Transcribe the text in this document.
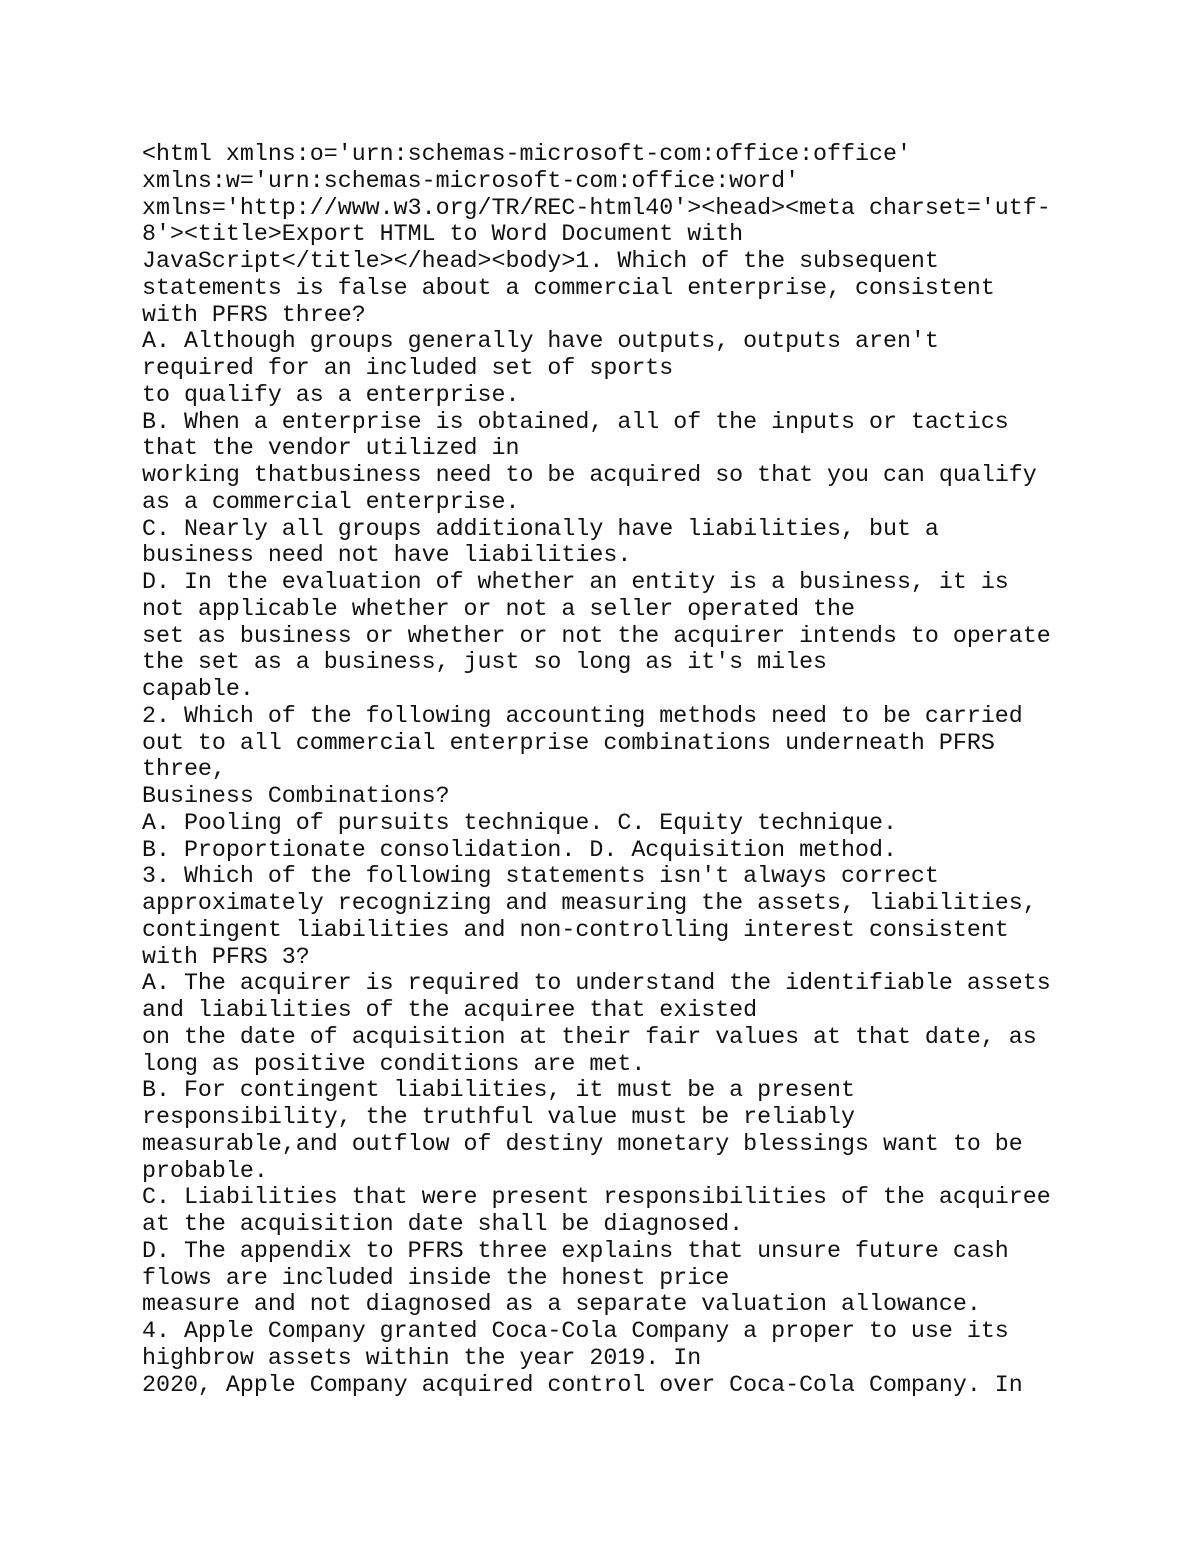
<html xmlns:o='urn:schemas-microsoft-com:office:office'
xmlns:w='urn:schemas-microsoft-com:office:word'
xmlns='http://www.w3.org/TR/REC-html40'><head><meta charset='utf-
8'><title>Export HTML to Word Document with
JavaScript</title></head><body>1. Which of the subsequent
statements is false about a commercial enterprise, consistent
with PFRS three?
A. Although groups generally have outputs, outputs aren't
required for an included set of sports
to qualify as a enterprise.
B. When a enterprise is obtained, all of the inputs or tactics
that the vendor utilized in
working thatbusiness need to be acquired so that you can qualify
as a commercial enterprise.
C. Nearly all groups additionally have liabilities, but a
business need not have liabilities.
D. In the evaluation of whether an entity is a business, it is
not applicable whether or not a seller operated the
set as business or whether or not the acquirer intends to operate
the set as a business, just so long as it's miles
capable.
2. Which of the following accounting methods need to be carried
out to all commercial enterprise combinations underneath PFRS
three,
Business Combinations?
A. Pooling of pursuits technique. C. Equity technique.
B. Proportionate consolidation. D. Acquisition method.
3. Which of the following statements isn't always correct
approximately recognizing and measuring the assets, liabilities,
contingent liabilities and non-controlling interest consistent
with PFRS 3?
A. The acquirer is required to understand the identifiable assets
and liabilities of the acquiree that existed
on the date of acquisition at their fair values at that date, as
long as positive conditions are met.
B. For contingent liabilities, it must be a present
responsibility, the truthful value must be reliably
measurable,and outflow of destiny monetary blessings want to be
probable.
C. Liabilities that were present responsibilities of the acquiree
at the acquisition date shall be diagnosed.
D. The appendix to PFRS three explains that unsure future cash
flows are included inside the honest price
measure and not diagnosed as a separate valuation allowance.
4. Apple Company granted Coca-Cola Company a proper to use its
highbrow assets within the year 2019. In
2020, Apple Company acquired control over Coca-Cola Company. In
